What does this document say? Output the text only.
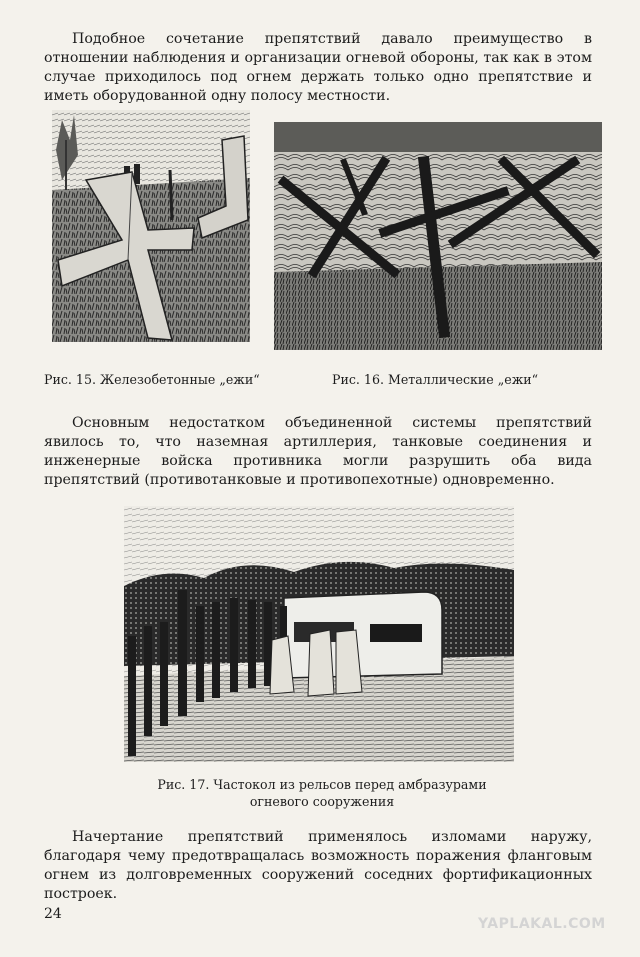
Подобное сочетание препятствий давало преимущество в отношении наблюдения и организации огневой обороны, так как в этом случае приходилось под огнем держать только одно препятствие и иметь оборудованной одну полосу местности.

Рис. 15. Железобетонные „ежи“	Рис. 16. Металлические „ежи“

Основным недостатком объединенной системы препятствий явилось то, что наземная артиллерия, танковые соединения и инженерные войска противника могли разрушить оба вида препятствий (противотанковые и противопехотные) одновременно.

Рис. 17. Частокол из рельсов перед амбразурами огневого сооружения

Начертание препятствий применялось изломами наружу, благодаря чему предотвращалась возможность поражения фланговым огнем из долговременных сооружений соседних фортификационных построек.

24
YAPLAKAL.COM
